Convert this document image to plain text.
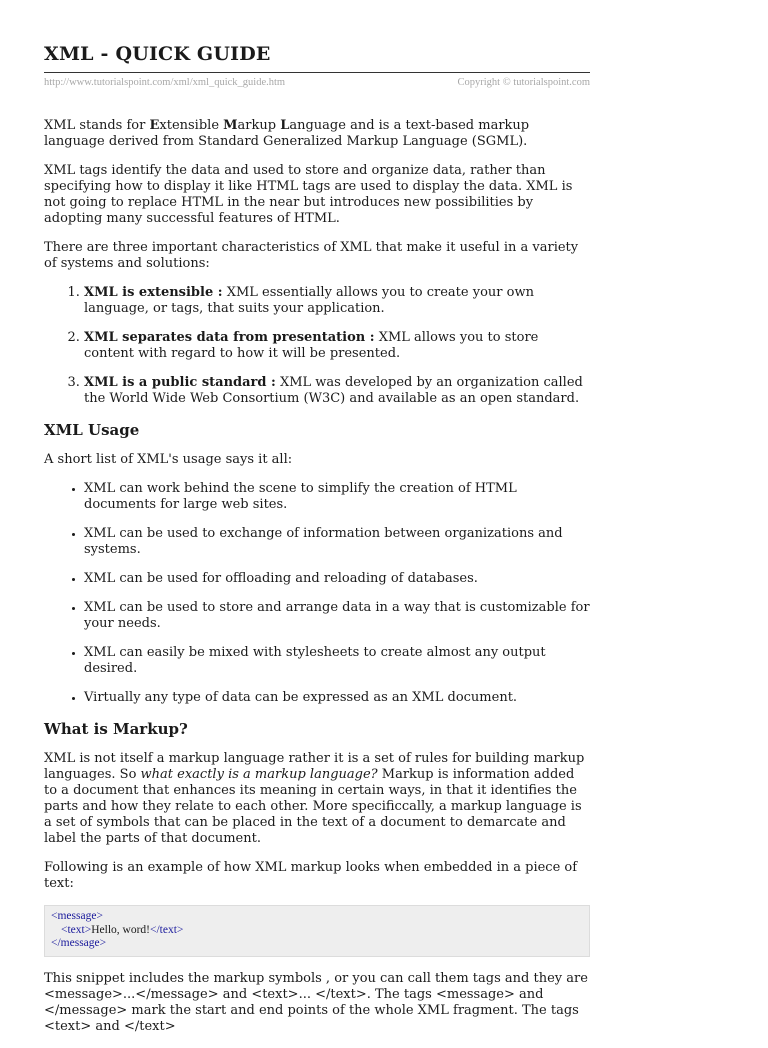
XML - QUICK GUIDE
http://www.tutorialspoint.com/xml/xml_quick_guide.htm	Copyright © tutorialspoint.com

XML stands for Extensible Markup Language and is a text-based markup language derived from Standard Generalized Markup Language (SGML).

XML tags identify the data and used to store and organize data, rather than specifying how to display it like HTML tags are used to display the data. XML is not going to replace HTML in the near but introduces new possibilities by adopting many successful features of HTML.

There are three important characteristics of XML that make it useful in a variety of systems and solutions:

1. XML is extensible : XML essentially allows you to create your own language, or tags, that suits your application.
2. XML separates data from presentation : XML allows you to store content with regard to how it will be presented.
3. XML is a public standard : XML was developed by an organization called the World Wide Web Consortium (W3C) and available as an open standard.
XML Usage

A short list of XML's usage says it all:

• XML can work behind the scene to simplify the creation of HTML documents for large web sites.
• XML can be used to exchange of information between organizations and systems.
• XML can be used for offloading and reloading of databases.
• XML can be used to store and arrange data in a way that is customizable for your needs.
• XML can easily be mixed with stylesheets to create almost any output desired.
• Virtually any type of data can be expressed as an XML document.
What is Markup?

XML is not itself a markup language rather it is a set of rules for building markup languages. So what exactly is a markup language? Markup is information added to a document that enhances its meaning in certain ways, in that it identifies the parts and how they relate to each other. More specificcally, a markup language is a set of symbols that can be placed in the text of a document to demarcate and label the parts of that document.

Following is an example of how XML markup looks when embedded in a piece of text:

<message>
<text>Hello, word!</text>
</message>

This snippet includes the markup symbols , or you can call them tags and they are <message>...</message> and <text>... </text>. The tags <message> and </message> mark the start and end points of the whole XML fragment. The tags <text> and </text>
